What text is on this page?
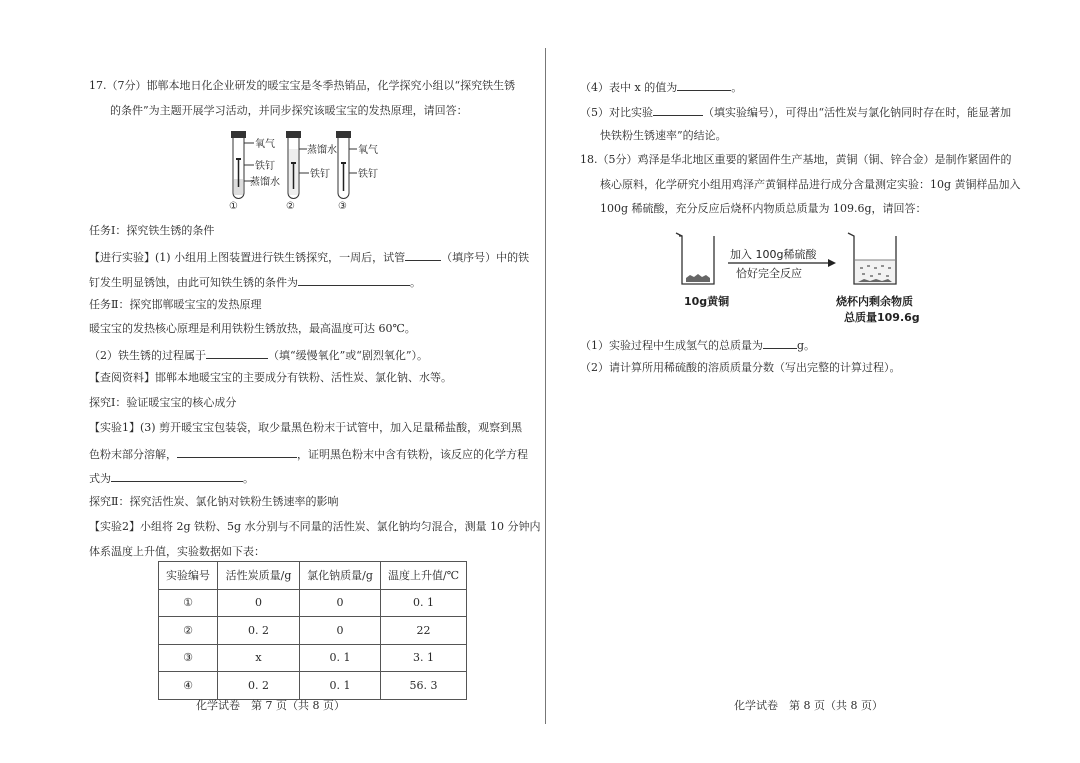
17.（7分）邯郸本地日化企业研发的暖宝宝是冬季热销品，化学探究小组以“探究铁生锈
的条件”为主题开展学习活动，并同步探究该暖宝宝的发热原理，请回答：
氧气
铁钉
蒸馏水
①
蒸馏水
铁钉
②
氧气
铁钉
③
任务Ⅰ：探究铁生锈的条件
【进行实验】(1) 小组用上图装置进行铁生锈探究，一周后，试管	（填序号）中的铁
钉发生明显锈蚀，由此可知铁生锈的条件为	。
任务Ⅱ：探究邯郸暖宝宝的发热原理
暖宝宝的发热核心原理是利用铁粉生锈放热，最高温度可达 60℃。
（2）铁生锈的过程属于	（填“缓慢氧化”或“剧烈氧化”）。
【查阅资料】邯郸本地暖宝宝的主要成分有铁粉、活性炭、氯化钠、水等。
探究Ⅰ：验证暖宝宝的核心成分
【实验1】(3) 剪开暖宝宝包装袋，取少量黑色粉末于试管中，加入足量稀盐酸，观察到黑
色粉末部分溶解，	，证明黑色粉末中含有铁粉，该反应的化学方程
式为	。
探究Ⅱ：探究活性炭、氯化钠对铁粉生锈速率的影响
【实验2】小组将 2g 铁粉、5g 水分别与不同量的活性炭、氯化钠均匀混合，测量 10 分钟内
体系温度上升值，实验数据如下表：
实验编号	活性炭质量/g	氯化钠质量/g	温度上升值/℃
①	0	0	0. 1
②	0. 2	0	22
③	x	0. 1	3. 1
④	0. 2	0. 1	56. 3
化学试卷　第 7 页（共 8 页）
（4）表中 x 的值为	。
（5）对比实验	（填实验编号），可得出“活性炭与氯化钠同时存在时，能显著加
快铁粉生锈速率”的结论。
18.（5分）鸡泽是华北地区重要的紧固件生产基地，黄铜（铜、锌合金）是制作紧固件的
核心原料，化学研究小组用鸡泽产黄铜样品进行成分含量测定实验：10g 黄铜样品加入
100g 稀硫酸，充分反应后烧杯内物质总质量为 109.6g，请回答：
10g黄铜
加入 100g稀硫酸
恰好完全反应
烧杯内剩余物质
总质量109.6g
（1）实验过程中生成氢气的总质量为	g。
（2）请计算所用稀硫酸的溶质质量分数（写出完整的计算过程）。
化学试卷　第 8 页（共 8 页）
